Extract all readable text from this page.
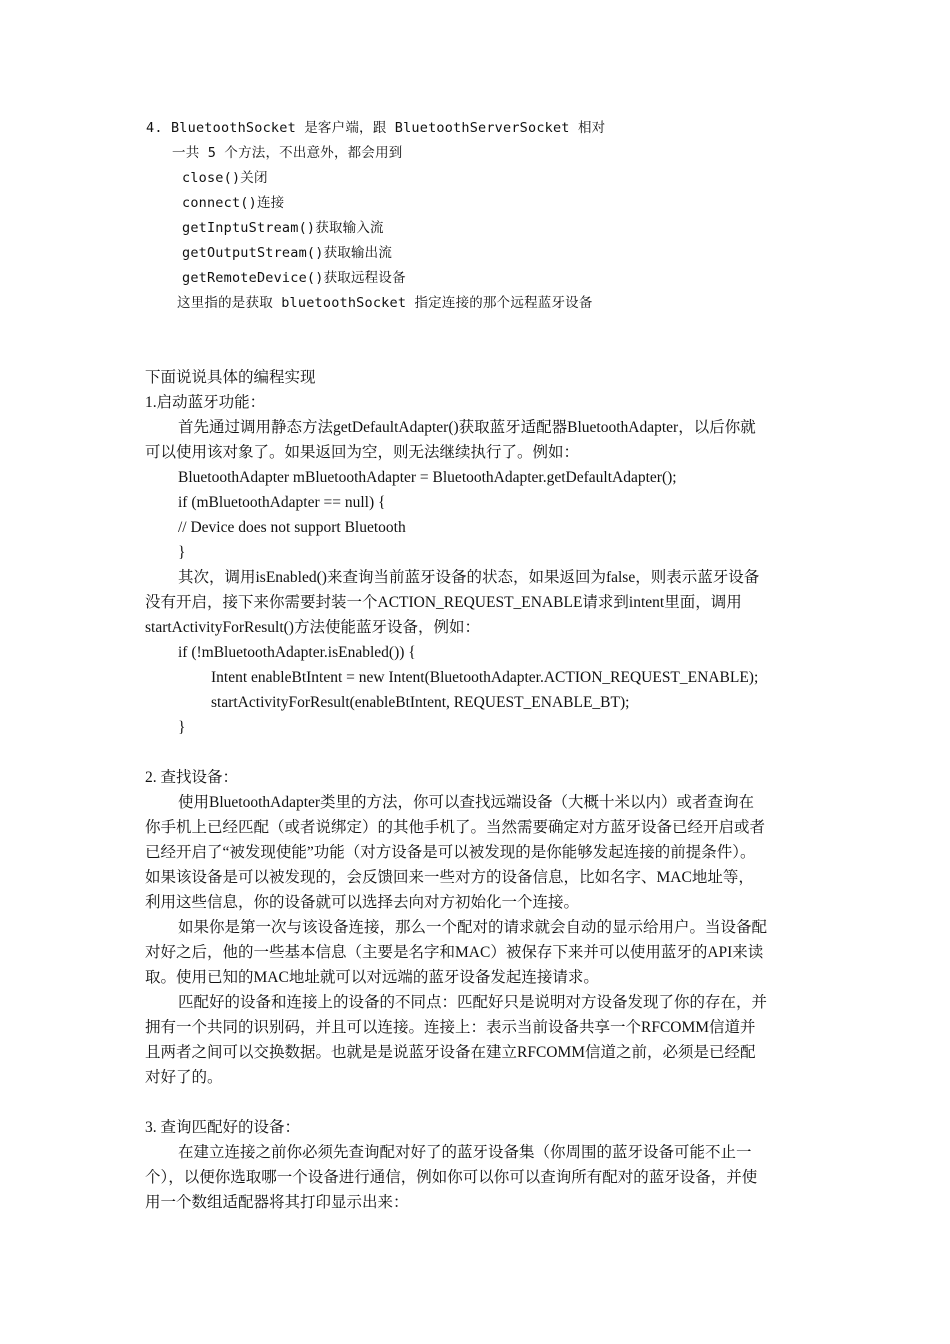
4. BluetoothSocket 是客户端，跟 BluetoothServerSocket 相对
一共 5 个方法，不出意外，都会用到
close()关闭
connect()连接
getInptuStream()获取输入流
getOutputStream()获取输出流
getRemoteDevice()获取远程设备
这里指的是获取 bluetoothSocket 指定连接的那个远程蓝牙设备
下面说说具体的编程实现
1.启动蓝牙功能：
首先通过调用静态方法getDefaultAdapter()获取蓝牙适配器BluetoothAdapter，以后你就
可以使用该对象了。如果返回为空，则无法继续执行了。例如：
BluetoothAdapter mBluetoothAdapter = BluetoothAdapter.getDefaultAdapter();
if (mBluetoothAdapter == null) {
// Device does not support Bluetooth
}
其次，调用isEnabled()来查询当前蓝牙设备的状态，如果返回为false，则表示蓝牙设备
没有开启，接下来你需要封装一个ACTION_REQUEST_ENABLE请求到intent里面，调用
startActivityForResult()方法使能蓝牙设备，例如：
if (!mBluetoothAdapter.isEnabled()) {
Intent enableBtIntent = new Intent(BluetoothAdapter.ACTION_REQUEST_ENABLE);
startActivityForResult(enableBtIntent, REQUEST_ENABLE_BT);
}
2. 查找设备：
使用BluetoothAdapter类里的方法，你可以查找远端设备（大概十米以内）或者查询在
你手机上已经匹配（或者说绑定）的其他手机了。当然需要确定对方蓝牙设备已经开启或者
已经开启了“被发现使能”功能（对方设备是可以被发现的是你能够发起连接的前提条件）。
如果该设备是可以被发现的，会反馈回来一些对方的设备信息，比如名字、MAC地址等，
利用这些信息，你的设备就可以选择去向对方初始化一个连接。
如果你是第一次与该设备连接，那么一个配对的请求就会自动的显示给用户。当设备配
对好之后，他的一些基本信息（主要是名字和MAC）被保存下来并可以使用蓝牙的API来读
取。使用已知的MAC地址就可以对远端的蓝牙设备发起连接请求。
匹配好的设备和连接上的设备的不同点：匹配好只是说明对方设备发现了你的存在，并
拥有一个共同的识别码，并且可以连接。连接上：表示当前设备共享一个RFCOMM信道并
且两者之间可以交换数据。也就是是说蓝牙设备在建立RFCOMM信道之前，必须是已经配
对好了的。
3. 查询匹配好的设备：
在建立连接之前你必须先查询配对好了的蓝牙设备集（你周围的蓝牙设备可能不止一
个），以便你选取哪一个设备进行通信，例如你可以你可以查询所有配对的蓝牙设备，并使
用一个数组适配器将其打印显示出来：
